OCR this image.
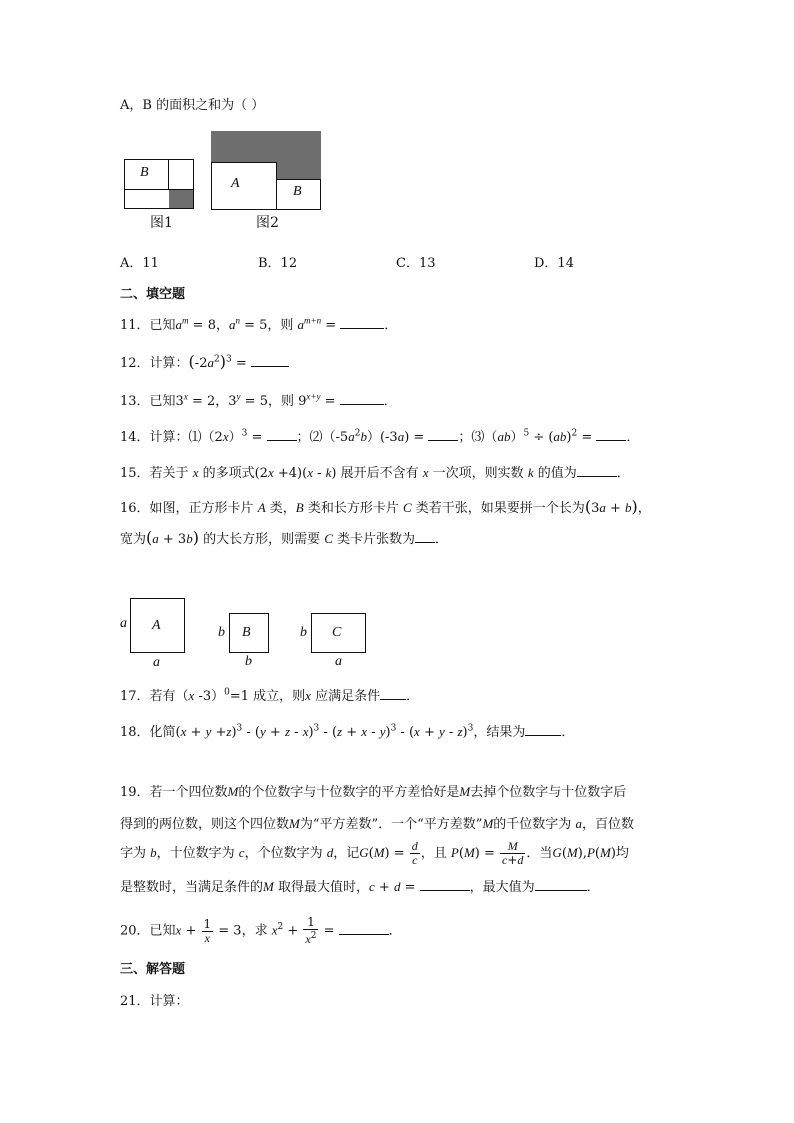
A，B 的面积之和为（ ）
B
图1
A
B
图2
A．11	B．12	C．13	D．14
二、填空题
11．已知$a^m = 8$，$a^n = 5$，则 $a^{m+n}$ =	．
12．计算：$(-2a^2)^3$ =
13．已知$3^x = 2$，$3^y = 5$，则 $9^{x+y}$ =	．
14．计算：$⑴(2x)^3$ = ；$⑵(-5a^2b)(-3a)$ = ；⑶（ab）$^5$ ÷ (ab)$^2$ = ．
15．若关于 x 的多项式(2x +4)(x - k) 展开后不含有 x 一次项，则实数 k 的值为	．
16．如图，正方形卡片 A 类，B 类和长方形卡片 C 类若干张，如果要拼一个长为(3a + b)，
宽为(a + 3b) 的大长方形，则需要 C 类卡片张数为 ．
A
a
a
B
b
b
C
b
a
17．若有（x -3）$^0$=1 成立，则x 应满足条件 ．
18．化简$(x + y +z)^3 - (y + z - x)^3 - (z + x - y)^3 - (x + y - z)^3$，结果为	．
19．若一个四位数M的个位数字与十位数字的平方差恰好是M去掉个位数字与十位数字后
得到的两位数，则这个四位数M为“平方差数”．一个“平方差数”M的千位数字为 a，百位数
字为 b，十位数字为 c，个位数字为 d，记$G(M) = \frac{d}{c}$ ，且 $P(M) = \frac{M}{c+d}$ ．当G(M),P(M)均
是整数时，当满足条件的M 取得最大值时，c + d =	，最大值为	．
20．已知$x + \frac{1}{x} = 3$，求 $x^2 + \frac{1}{x^2}$ =	．
三、解答题
21．计算：
